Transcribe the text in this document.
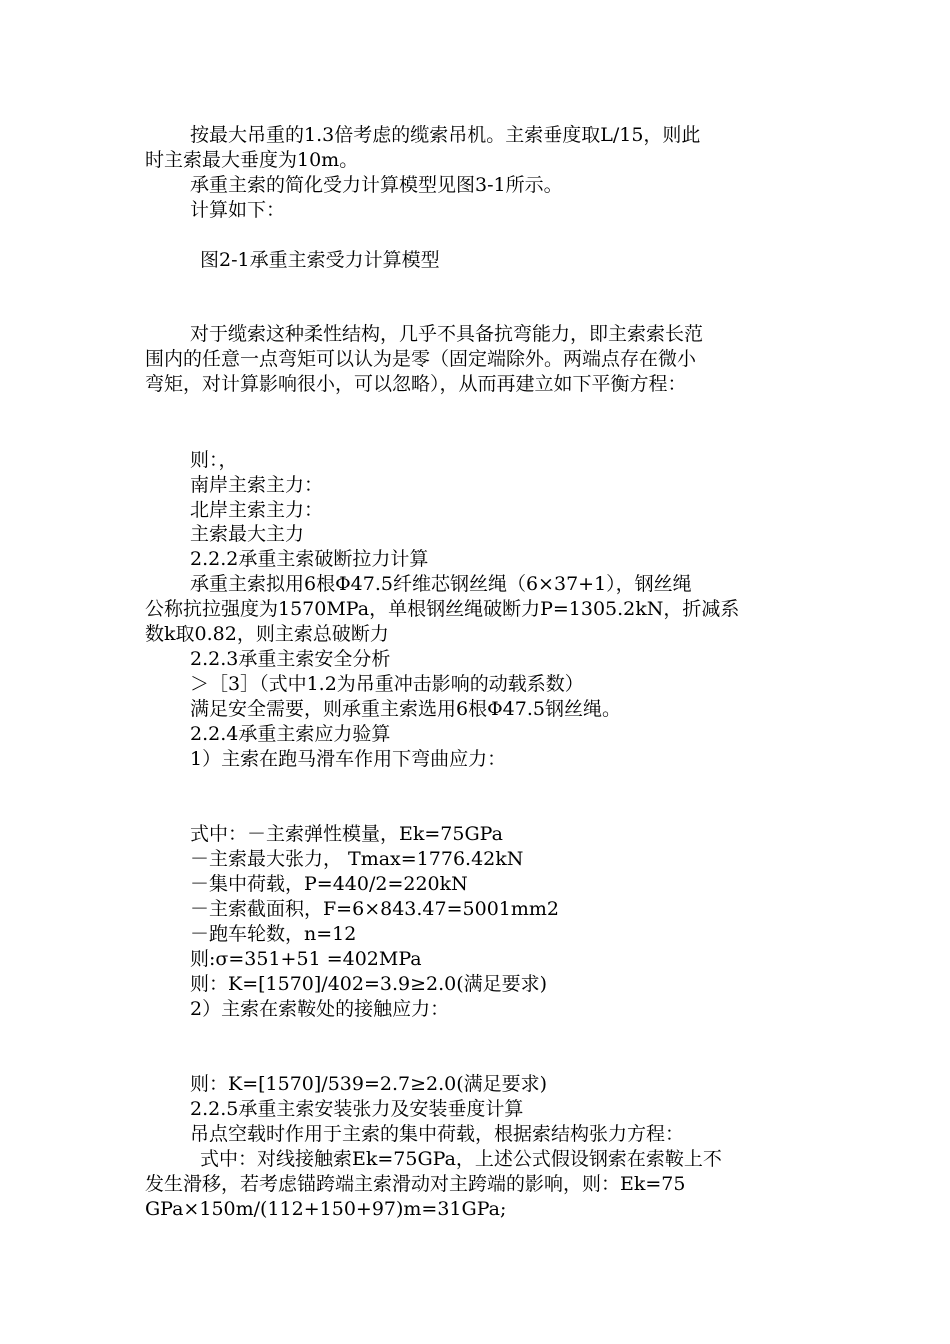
按最大吊重的1.3倍考虑的缆索吊机。主索垂度取L/15，则此
时主索最大垂度为10m。
承重主索的简化受力计算模型见图3-1所示。
计算如下：
图2-1承重主索受力计算模型
对于缆索这种柔性结构，几乎不具备抗弯能力，即主索索长范
围内的任意一点弯矩可以认为是零（固定端除外。两端点存在微小
弯矩，对计算影响很小，可以忽略），从而再建立如下平衡方程：
则：，
南岸主索主力：
北岸主索主力：
主索最大主力
2.2.2承重主索破断拉力计算
承重主索拟用6根Φ47.5纤维芯钢丝绳（6×37+1），钢丝绳
公称抗拉强度为1570MPa，单根钢丝绳破断力P=1305.2kN，折减系
数k取0.82，则主索总破断力
2.2.3承重主索安全分析
＞［3］（式中1.2为吊重冲击影响的动载系数）
满足安全需要，则承重主索选用6根Φ47.5钢丝绳。
2.2.4承重主索应力验算
1）主索在跑马滑车作用下弯曲应力：
式中：－主索弹性模量，Ek=75GPa
－主索最大张力， Tmax=1776.42kN
－集中荷载，P=440/2=220kN
－主索截面积，F=6×843.47=5001mm2
－跑车轮数，n=12
则:σ=351+51 =402MPa
则：K=[1570]/402=3.9≥2.0(满足要求)
2）主索在索鞍处的接触应力：
则：K=[1570]/539=2.7≥2.0(满足要求)
2.2.5承重主索安装张力及安装垂度计算
吊点空载时作用于主索的集中荷载，根据索结构张力方程：
式中：对线接触索Ek=75GPa，上述公式假设钢索在索鞍上不
发生滑移，若考虑锚跨端主索滑动对主跨端的影响，则：Ek=75
GPa×150m/(112+150+97)m=31GPa;
